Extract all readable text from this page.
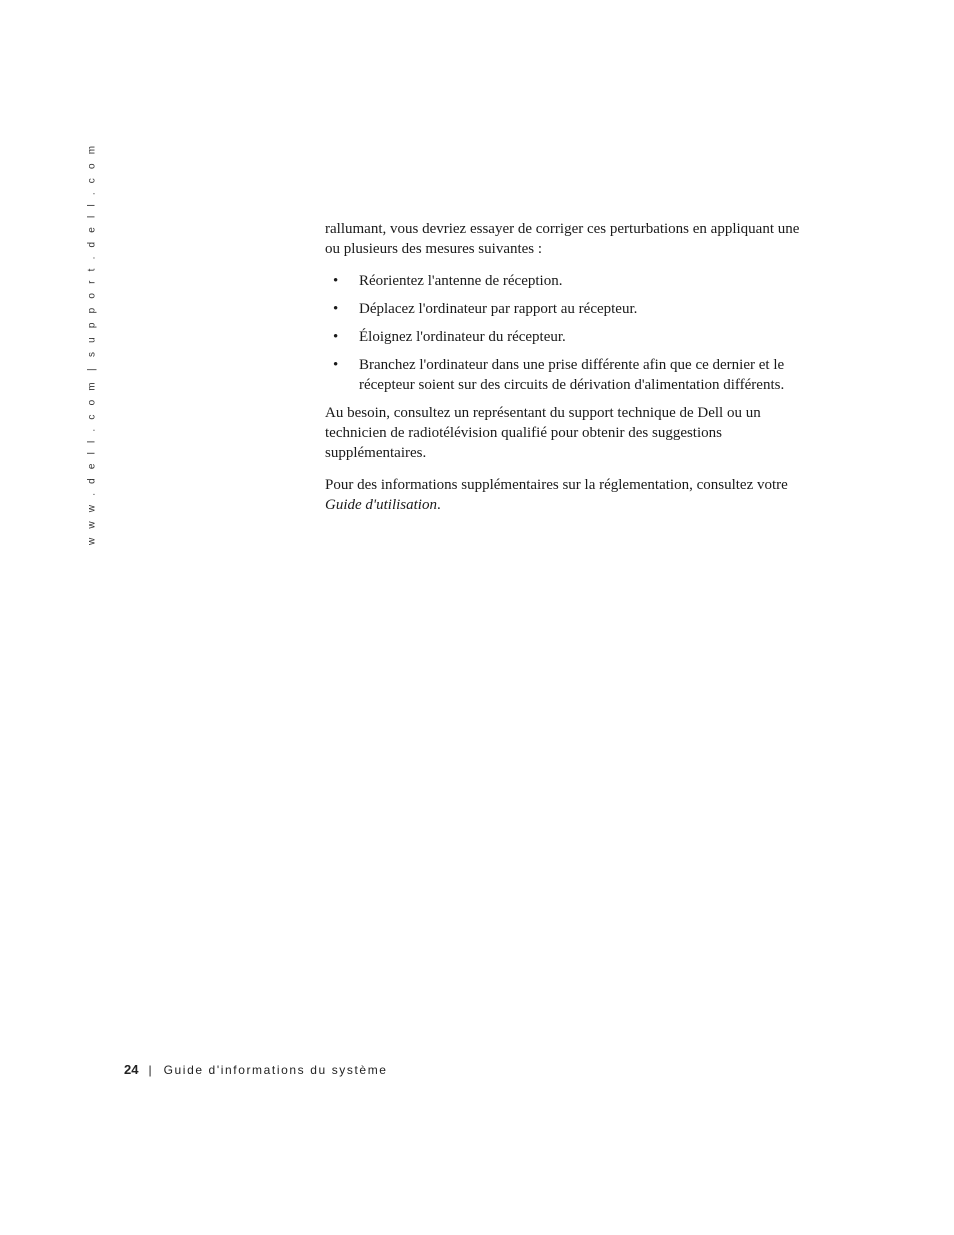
w w w . d e l l . c o m
|
s u p p o r t . d e l l . c o m	rallumant, vous devriez essayer de corriger ces perturbations en appliquant une ou plusieurs des mesures suivantes :

• Réorientez l'antenne de réception.
• Déplacez l'ordinateur par rapport au récepteur.
• Éloignez l'ordinateur du récepteur.
• Branchez l'ordinateur dans une prise différente afin que ce dernier et le récepteur soient sur des circuits de dérivation d'alimentation différents.

Au besoin, consultez un représentant du support technique de Dell ou un technicien de radiotélévision qualifié pour obtenir des suggestions supplémentaires.

Pour des informations supplémentaires sur la réglementation, consultez votre Guide d'utilisation.

24 | Guide d'informations du système
